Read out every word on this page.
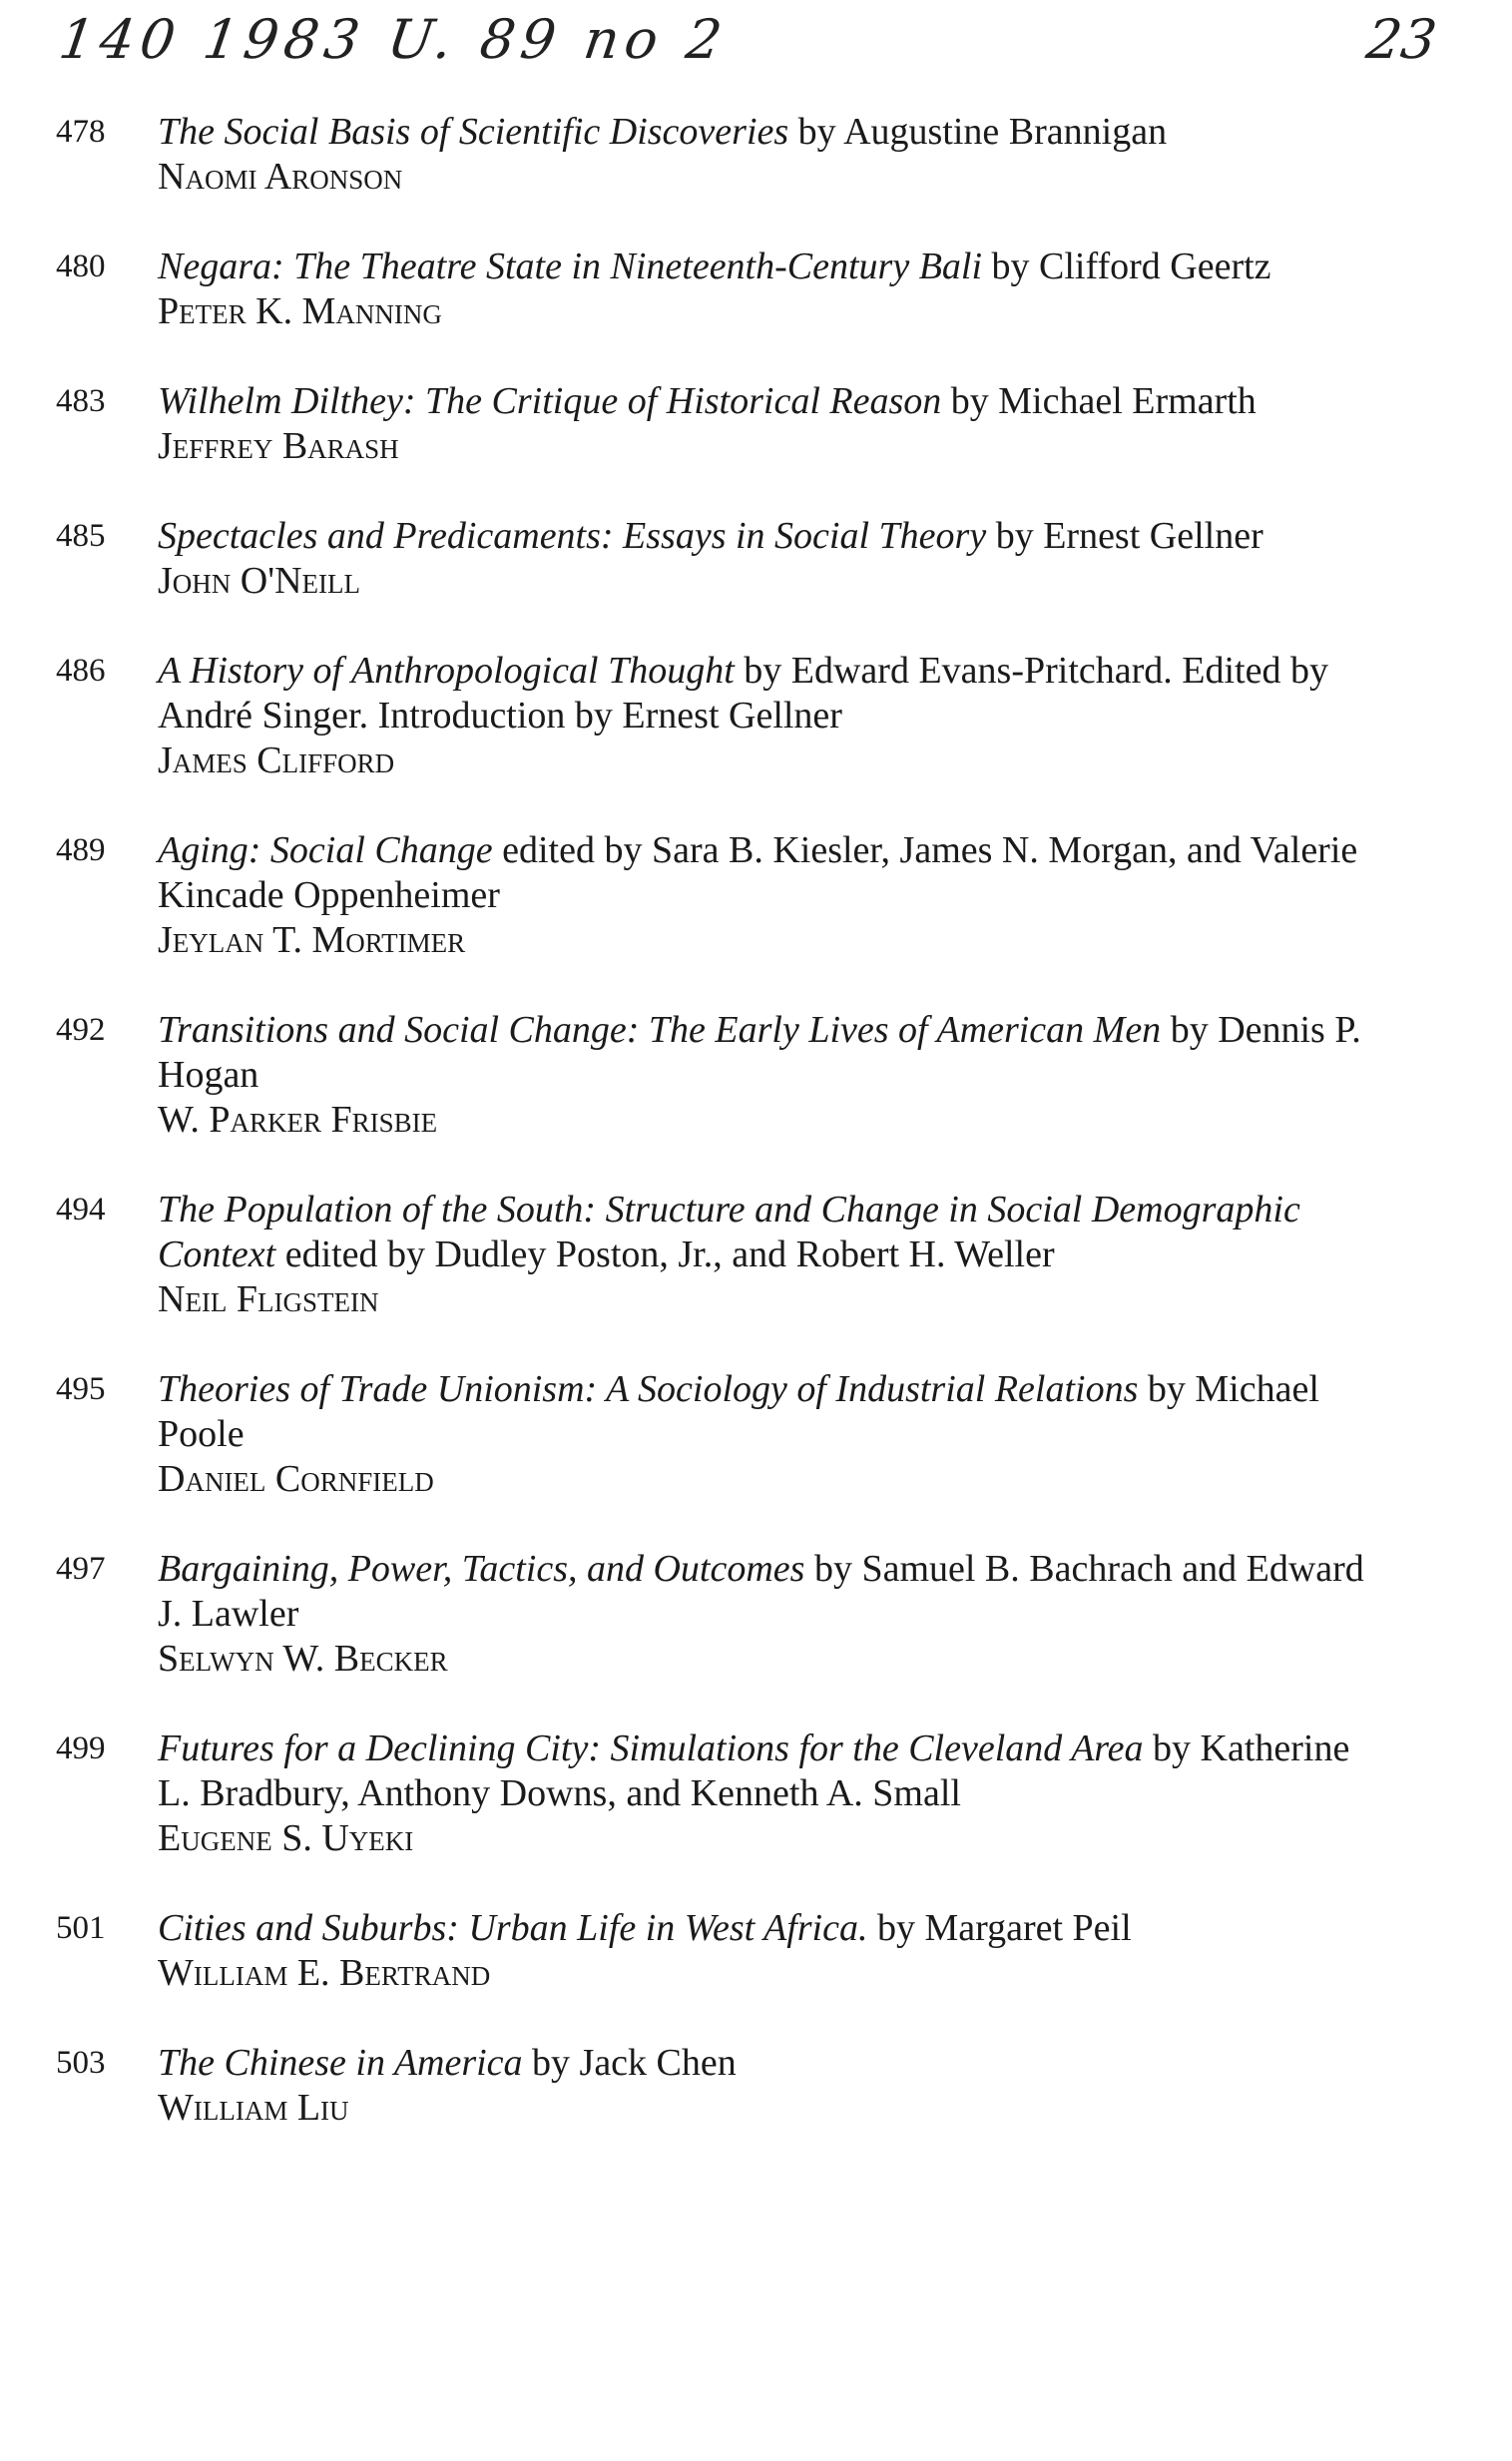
140 1983 U. 89 no 2	23
478	The Social Basis of Scientific Discoveries by Augustine Brannigan
Naomi Aronson
480	Negara: The Theatre State in Nineteenth-Century Bali by Clifford Geertz
Peter K. Manning
483	Wilhelm Dilthey: The Critique of Historical Reason by Michael Ermarth
Jeffrey Barash
485	Spectacles and Predicaments: Essays in Social Theory by Ernest Gellner
John O'Neill
486	A History of Anthropological Thought by Edward Evans-Pritchard. Edited by André Singer. Introduction by Ernest Gellner
James Clifford
489	Aging: Social Change edited by Sara B. Kiesler, James N. Morgan, and Valerie Kincade Oppenheimer
Jeylan T. Mortimer
492	Transitions and Social Change: The Early Lives of American Men by Dennis P. Hogan
W. Parker Frisbie
494	The Population of the South: Structure and Change in Social Demographic Context edited by Dudley Poston, Jr., and Robert H. Weller
Neil Fligstein
495	Theories of Trade Unionism: A Sociology of Industrial Relations by Michael Poole
Daniel Cornfield
497	Bargaining, Power, Tactics, and Outcomes by Samuel B. Bachrach and Edward J. Lawler
Selwyn W. Becker
499	Futures for a Declining City: Simulations for the Cleveland Area by Katherine L. Bradbury, Anthony Downs, and Kenneth A. Small
Eugene S. Uyeki
501	Cities and Suburbs: Urban Life in West Africa. by Margaret Peil
William E. Bertrand
503	The Chinese in America by Jack Chen
William Liu
